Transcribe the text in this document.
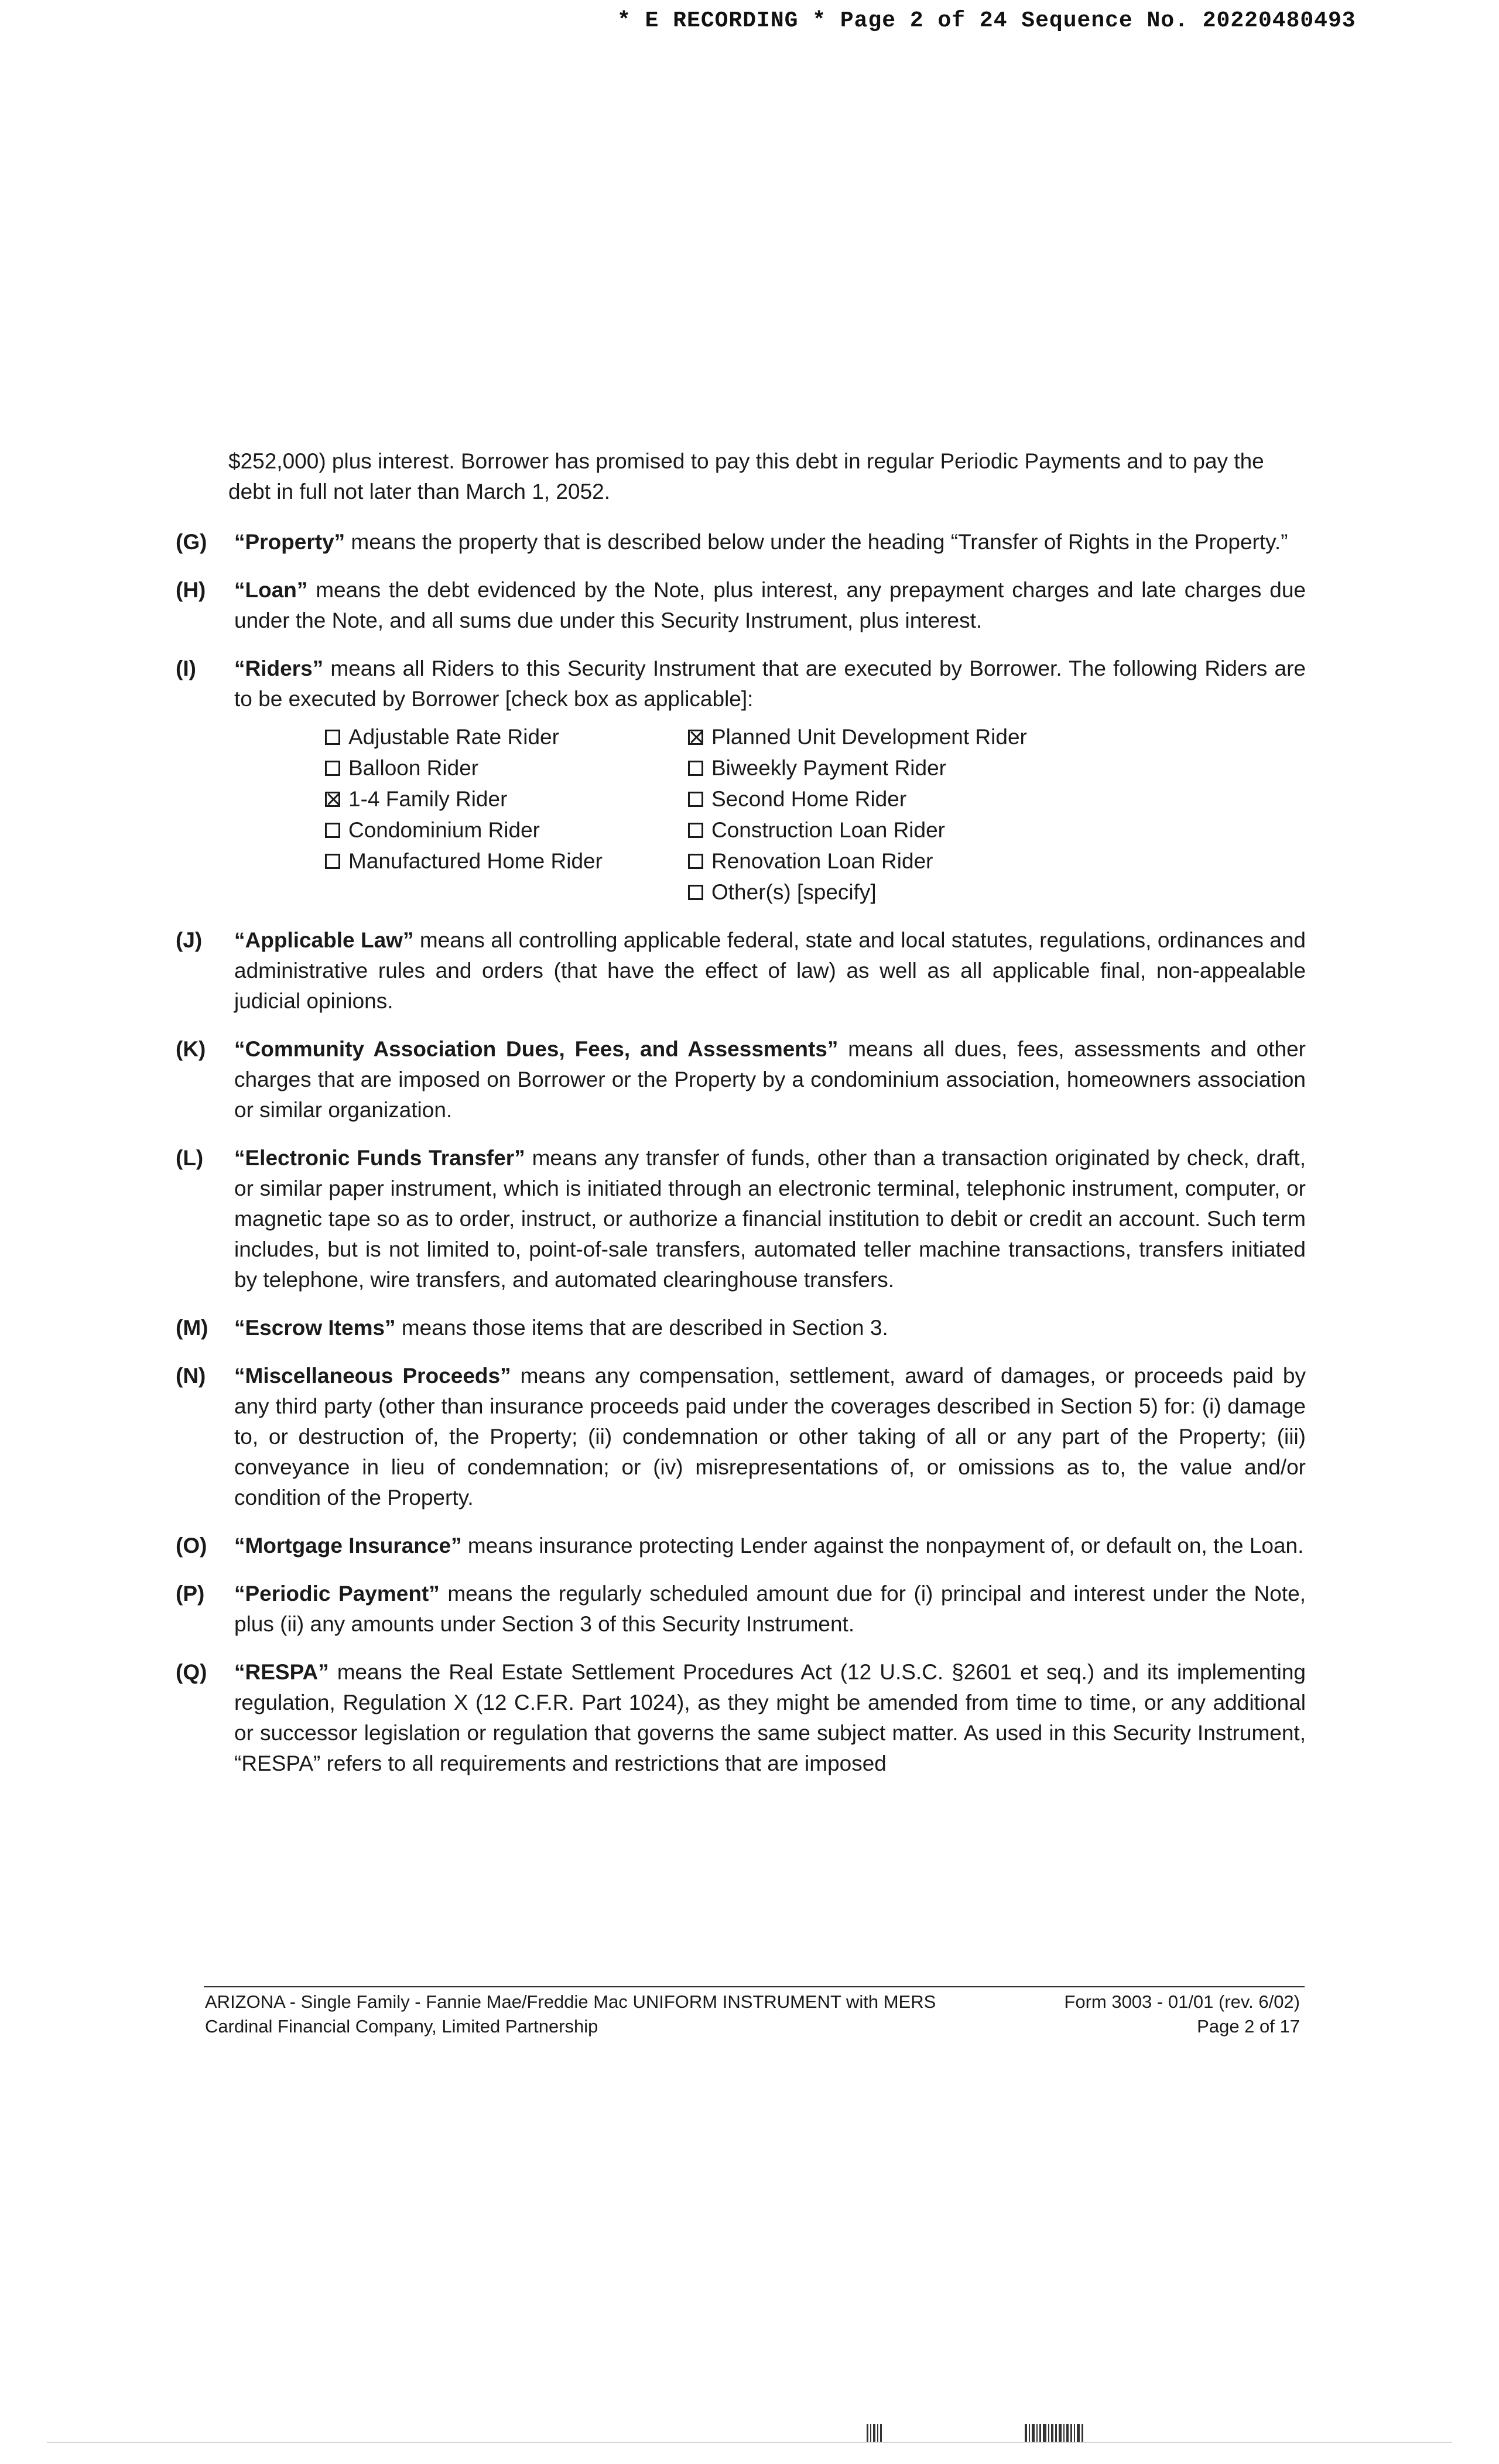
* E RECORDING * Page 2 of 24 Sequence No. 20220480493

$252,000) plus interest. Borrower has promised to pay this debt in regular Periodic Payments and to pay the debt in full not later than March 1, 2052.

(G) “Property” means the property that is described below under the heading “Transfer of Rights in the Property.”

(H) “Loan” means the debt evidenced by the Note, plus interest, any prepayment charges and late charges due under the Note, and all sums due under this Security Instrument, plus interest.

(I) “Riders” means all Riders to this Security Instrument that are executed by Borrower. The following Riders are to be executed by Borrower [check box as applicable]:

Adjustable Rate Rider
Balloon Rider
1-4 Family Rider
Condominium Rider
Manufactured Home Rider
Planned Unit Development Rider
Biweekly Payment Rider
Second Home Rider
Construction Loan Rider
Renovation Loan Rider
Other(s) [specify]
(J) “Applicable Law” means all controlling applicable federal, state and local statutes, regulations, ordinances and administrative rules and orders (that have the effect of law) as well as all applicable final, non-appealable judicial opinions.

(K) “Community Association Dues, Fees, and Assessments” means all dues, fees, assessments and other charges that are imposed on Borrower or the Property by a condominium association, homeowners association or similar organization.

(L) “Electronic Funds Transfer” means any transfer of funds, other than a transaction originated by check, draft, or similar paper instrument, which is initiated through an electronic terminal, telephonic instrument, computer, or magnetic tape so as to order, instruct, or authorize a financial institution to debit or credit an account. Such term includes, but is not limited to, point-of-sale transfers, automated teller machine transactions, transfers initiated by telephone, wire transfers, and automated clearinghouse transfers.

(M) “Escrow Items” means those items that are described in Section 3.

(N) “Miscellaneous Proceeds” means any compensation, settlement, award of damages, or proceeds paid by any third party (other than insurance proceeds paid under the coverages described in Section 5) for: (i) damage to, or destruction of, the Property; (ii) condemnation or other taking of all or any part of the Property; (iii) conveyance in lieu of condemnation; or (iv) misrepresentations of, or omissions as to, the value and/or condition of the Property.

(O) “Mortgage Insurance” means insurance protecting Lender against the nonpayment of, or default on, the Loan.

(P) “Periodic Payment” means the regularly scheduled amount due for (i) principal and interest under the Note, plus (ii) any amounts under Section 3 of this Security Instrument.

(Q) “RESPA” means the Real Estate Settlement Procedures Act (12 U.S.C. §2601 et seq.) and its implementing regulation, Regulation X (12 C.F.R. Part 1024), as they might be amended from time to time, or any additional or successor legislation or regulation that governs the same subject matter. As used in this Security Instrument, “RESPA” refers to all requirements and restrictions that are imposed

ARIZONA - Single Family - Fannie Mae/Freddie Mac UNIFORM INSTRUMENT with MERS
Cardinal Financial Company, Limited Partnership
Form 3003 - 01/01 (rev. 6/02)
Page 2 of 17
